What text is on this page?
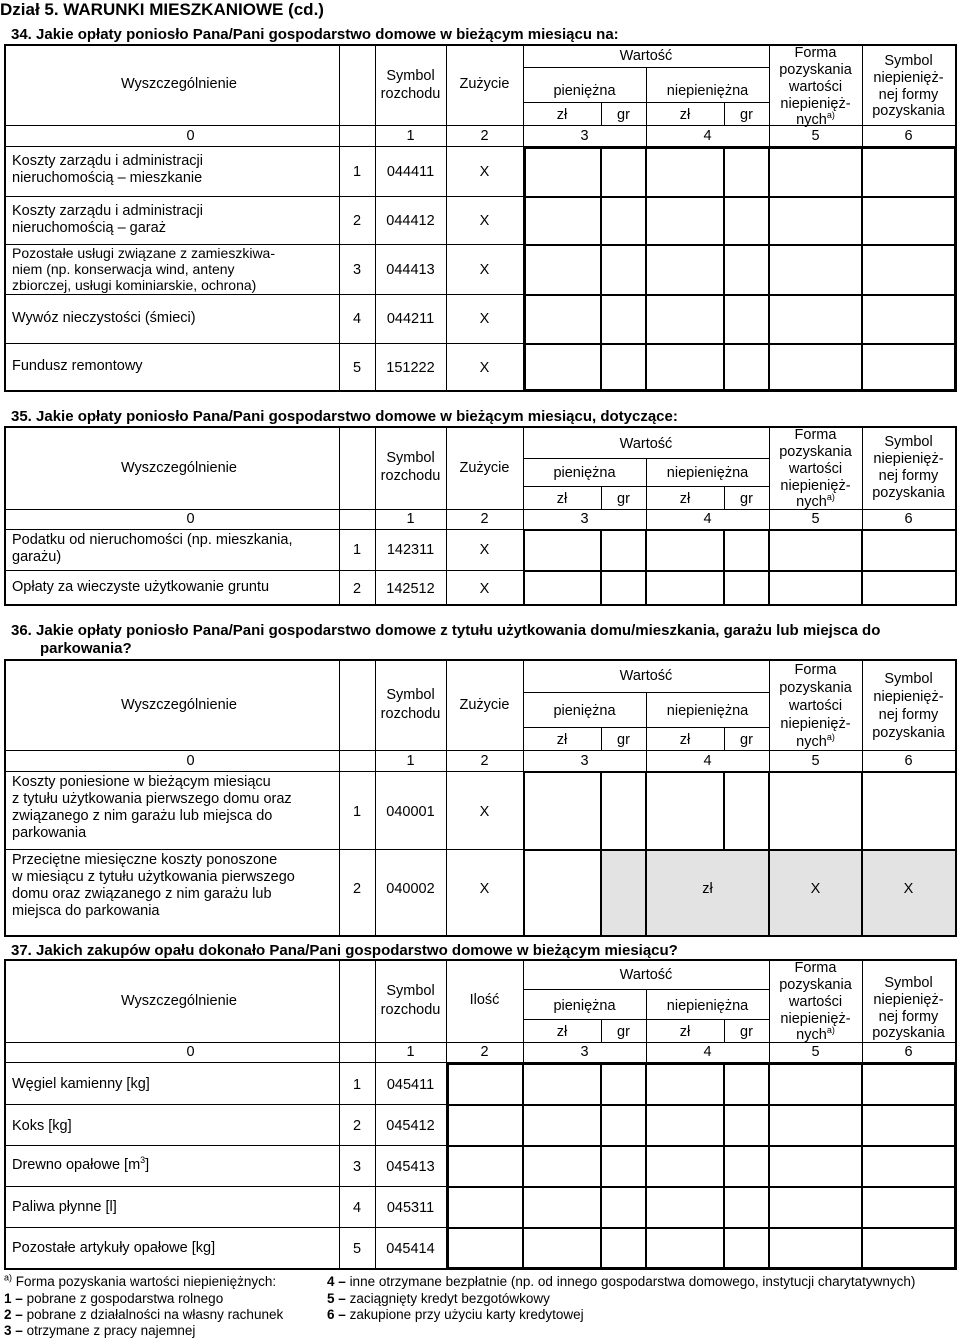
Dział 5. WARUNKI MIESZKANIOWE (cd.)
34. Jakie opłaty poniosło Pana/Pani gospodarstwo domowe w bieżącym miesiącu na:
Wyszczególnienie	Symbol
rozchodu
Zużycie
Wartość
pieniężna	niepieniężna
zł	gr	zł	gr
Forma
pozyskania
wartości
niepienięż-
nych$^{a)}$
Symbol
niepienięż-
nej formy
pozyskania
0	1	2	3	4	5	6
Koszty zarządu i administracji
nieruchomością – mieszkanie	1	044411	X
Koszty zarządu i administracji
nieruchomością – garaż	2	044412	X
Pozostałe usługi związane z zamieszkiwa-
niem (np. konserwacja wind, anteny
zbiorczej, usługi kominiarskie, ochrona)
3	044413	X
Wywóz nieczystości (śmieci)	4	044211	X
Fundusz remontowy	5	151222	X
35. Jakie opłaty poniosło Pana/Pani gospodarstwo domowe w bieżącym miesiącu, dotyczące:
Wyszczególnienie
Symbol
rozchodu	Zużycie
Wartość
pieniężna	niepieniężna
zł	gr	zł	gr
Forma
pozyskania
wartości
niepienięż-
nych$^{a)}$
Symbol
niepienięż-
nej formy
pozyskania
0	1	2	3	4	5	6
Podatku od nieruchomości (np. mieszkania,
garażu)	1	142311	X
Opłaty za wieczyste użytkowanie gruntu	2	142512	X
36. Jakie opłaty poniosło Pana/Pani gospodarstwo domowe z tytułu użytkowania domu/mieszkania, garażu lub miejsca do
parkowania?
Wyszczególnienie
Symbol
rozchodu
Zużycie
Wartość
pieniężna	niepieniężna
zł	gr	zł	gr
Forma
pozyskania
wartości
niepienięż-
nych$^{a)}$
Symbol
niepienięż-
nej formy
pozyskania
0	1	2	3	4	5	6
Koszty poniesione w bieżącym miesiącu
z tytułu użytkowania pierwszego domu oraz
związanego z nim garażu lub miejsca do
parkowania
1	040001	X
Przeciętne miesięczne koszty ponoszone
w miesiącu z tytułu użytkowania pierwszego
domu oraz związanego z nim garażu lub
miejsca do parkowania
2	040002	X	zł	X	X
37. Jakich zakupów opału dokonało Pana/Pani gospodarstwo domowe w bieżącym miesiącu?
Wyszczególnienie
Symbol
rozchodu
Ilość
Wartość
pieniężna	niepieniężna
zł	gr	zł	gr
Forma
pozyskania
wartości
niepienięż-
nych$^{a)}$
Symbol
niepienięż-
nej formy
pozyskania
0	1	2	3	4	5	6
Węgiel kamienny [kg]	1	045411
Koks [kg]	2	045412
Drewno opałowe $[m^3]$	3	045413
Paliwa płynne [l]	4	045311
Pozostałe artykuły opałowe [kg]	5	045414
$^{a)}$ Forma pozyskania wartości niepieniężnych:
1 – pobrane z gospodarstwa rolnego
2 – pobrane z działalności na własny rachunek
3 – otrzymane z pracy najemnej
4 – inne otrzymane bezpłatnie (np. od innego gospodarstwa domowego, instytucji charytatywnych)
5 – zaciągnięty kredyt bezgotówkowy
6 – zakupione przy użyciu karty kredytowej
